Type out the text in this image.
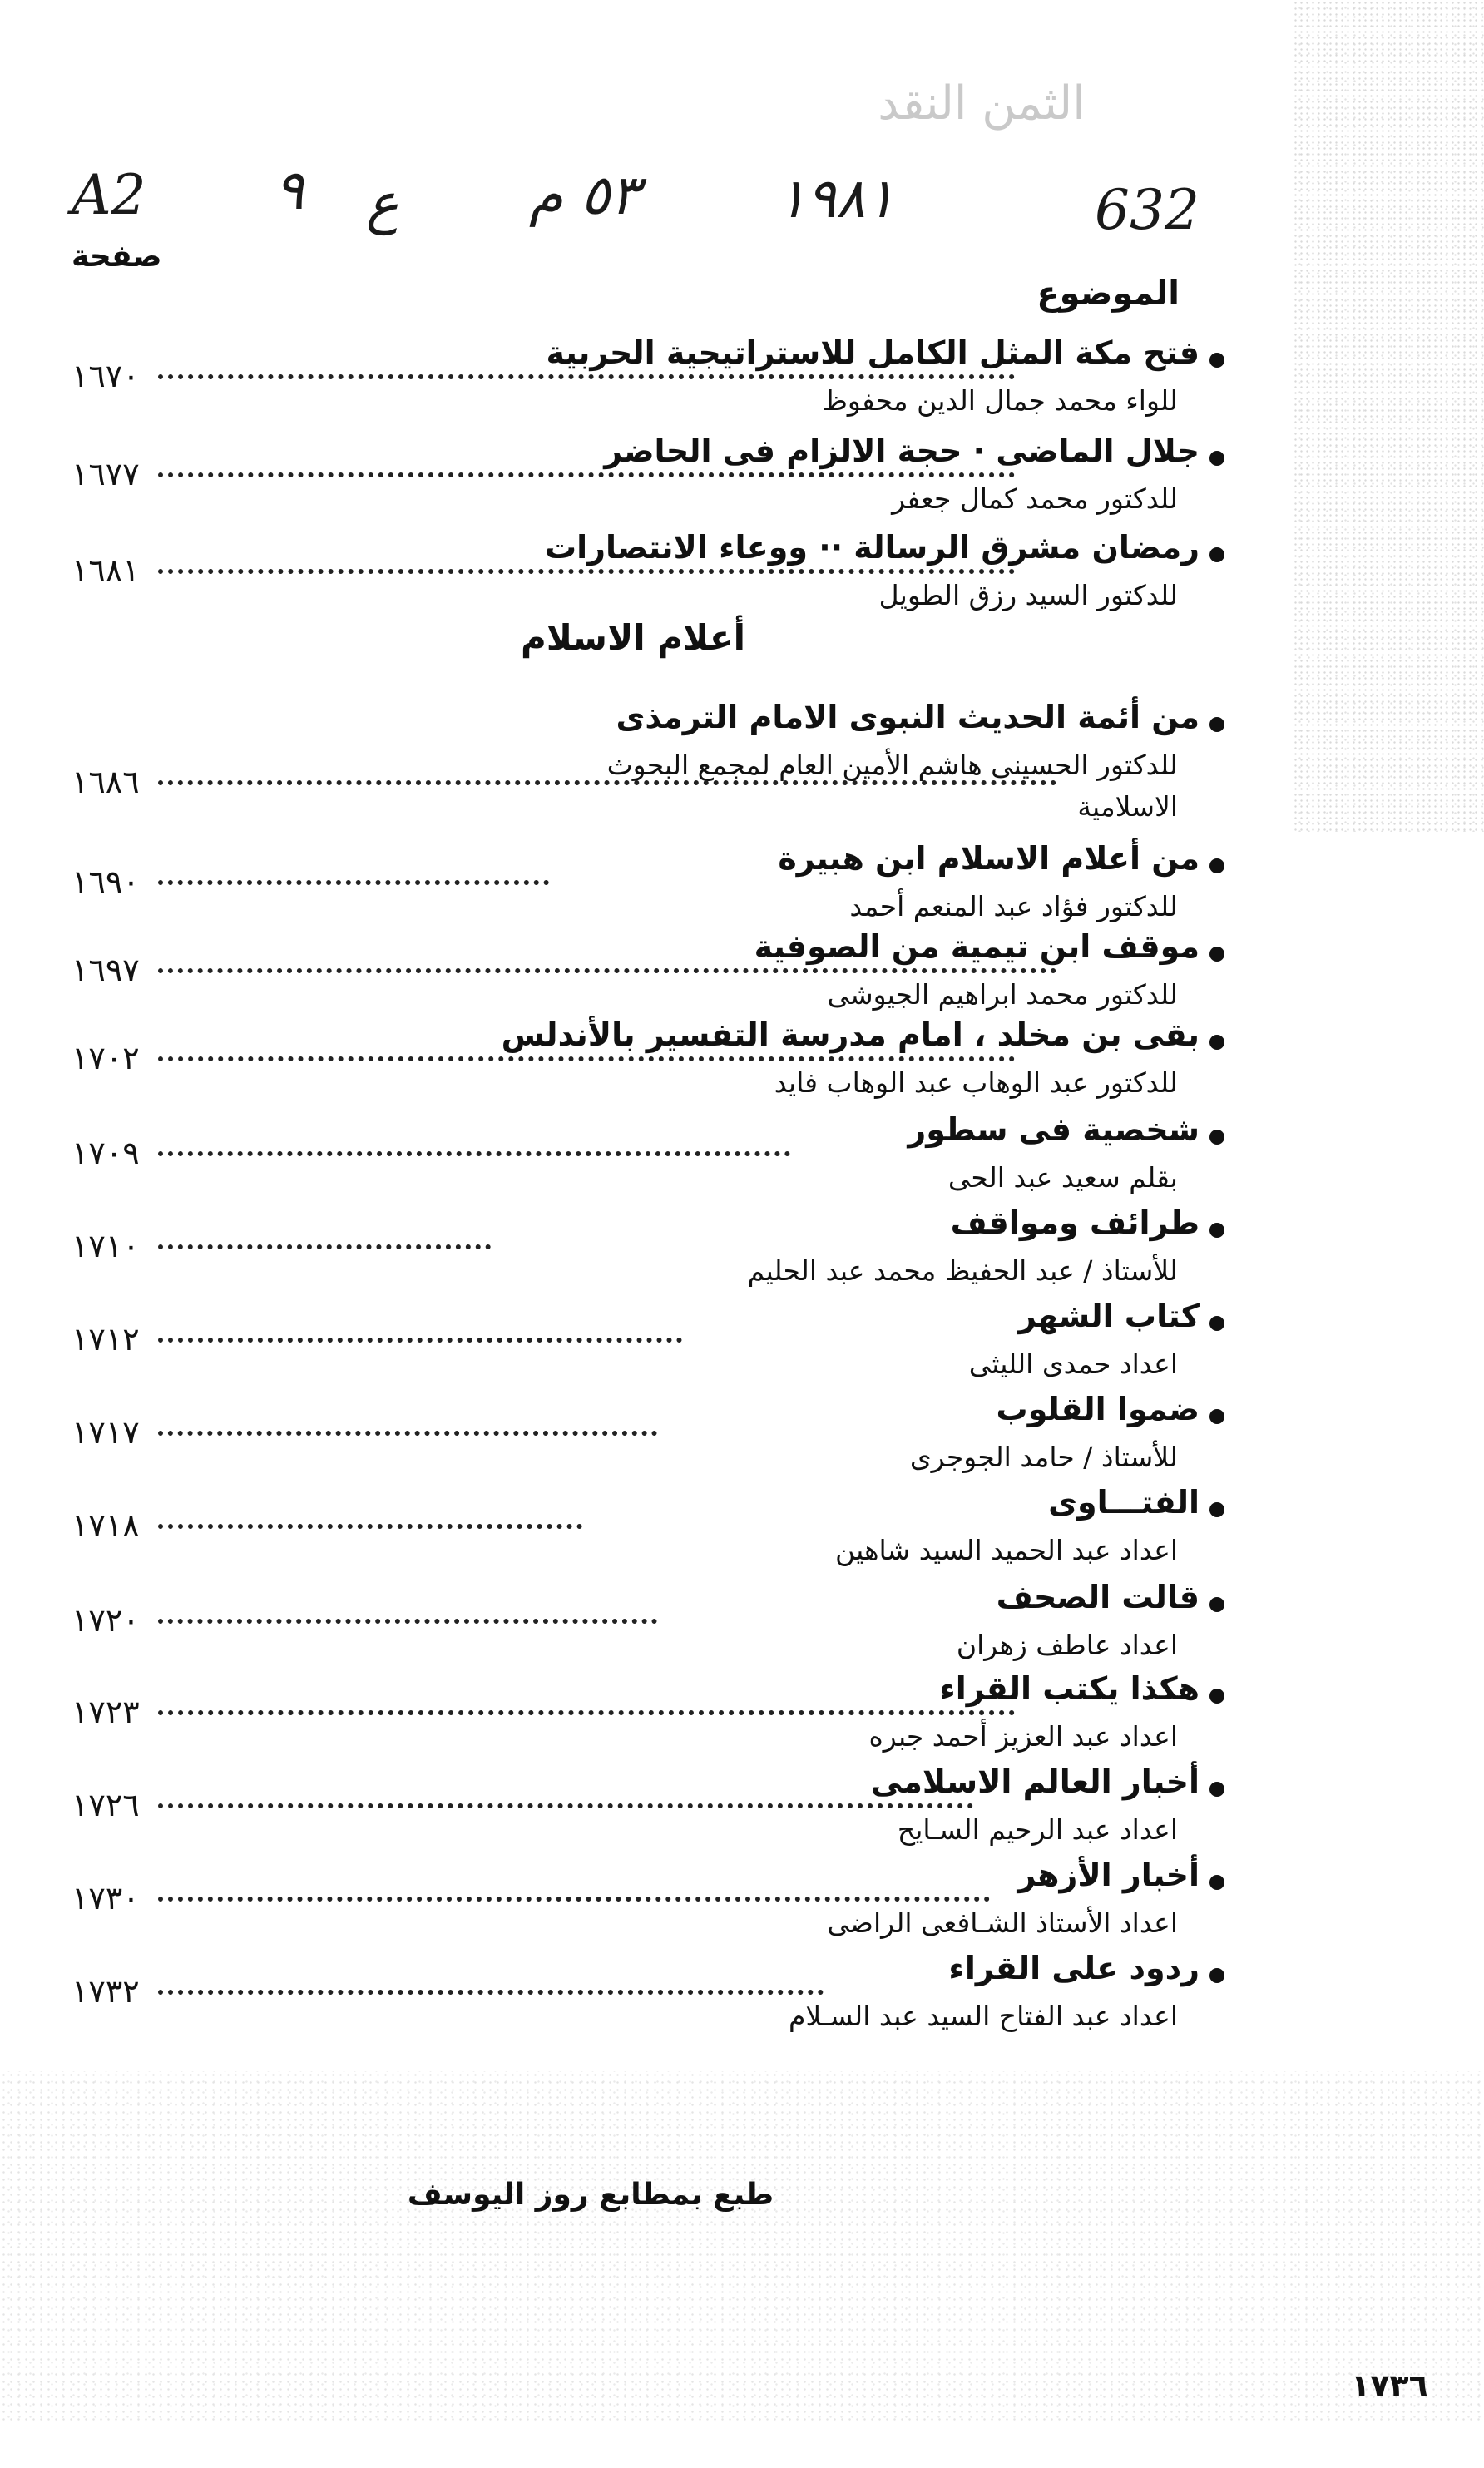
الثمن النقد
A2 ٩ ع ٥٣ م	١٩٨١	632
صفحة
الموضوع
أعلام الاسلام
فتح مكة المثل الكامل للاستراتيجية الحربية
للواء محمد جمال الدين محفوظ
١٦٧٠
جلال الماضى · حجة الالزام فى الحاضر
للدكتور محمد كمال جعفر
١٦٧٧
رمضان مشرق الرسالة ·· ووعاء الانتصارات
للدكتور السيد رزق الطويل
١٦٨١
من أئمة الحديث النبوى الامام الترمذى
للدكتور الحسينى هاشم الأمين العام لمجمع البحوث
الاسلامية
١٦٨٦
من أعلام الاسلام ابن هبيرة
للدكتور فؤاد عبد المنعم أحمد
١٦٩٠
موقف ابن تيمية من الصوفية
للدكتور محمد ابراهيم الجيوشى
١٦٩٧
بقى بن مخلد ، امام مدرسة التفسير بالأندلس
للدكتور عبد الوهاب عبد الوهاب فايد
١٧٠٢
شخصية فى سطور
بقلم سعيد عبد الحى
١٧٠٩
طرائف ومواقف
للأستاذ / عبد الحفيظ محمد عبد الحليم
١٧١٠
كتاب الشهر
اعداد حمدى الليثى
١٧١٢
ضموا القلوب
للأستاذ / حامد الجوجرى
١٧١٧
الفتـــاوى
اعداد عبد الحميد السيد شاهين
١٧١٨
قالت الصحف
اعداد عاطف زهران
١٧٢٠
هكذا يكتب القراء
اعداد عبد العزيز أحمد جبره
١٧٢٣
أخبار العالم الاسلامى
اعداد عبد الرحيم السـايح
١٧٢٦
أخبار الأزهر
اعداد الأستاذ الشـافعى الراضى
١٧٣٠
ردود على القراء
اعداد عبد الفتاح السيد عبد السـلام
١٧٣٢
طبع بمطابع روز اليوسف
١٧٣٦
